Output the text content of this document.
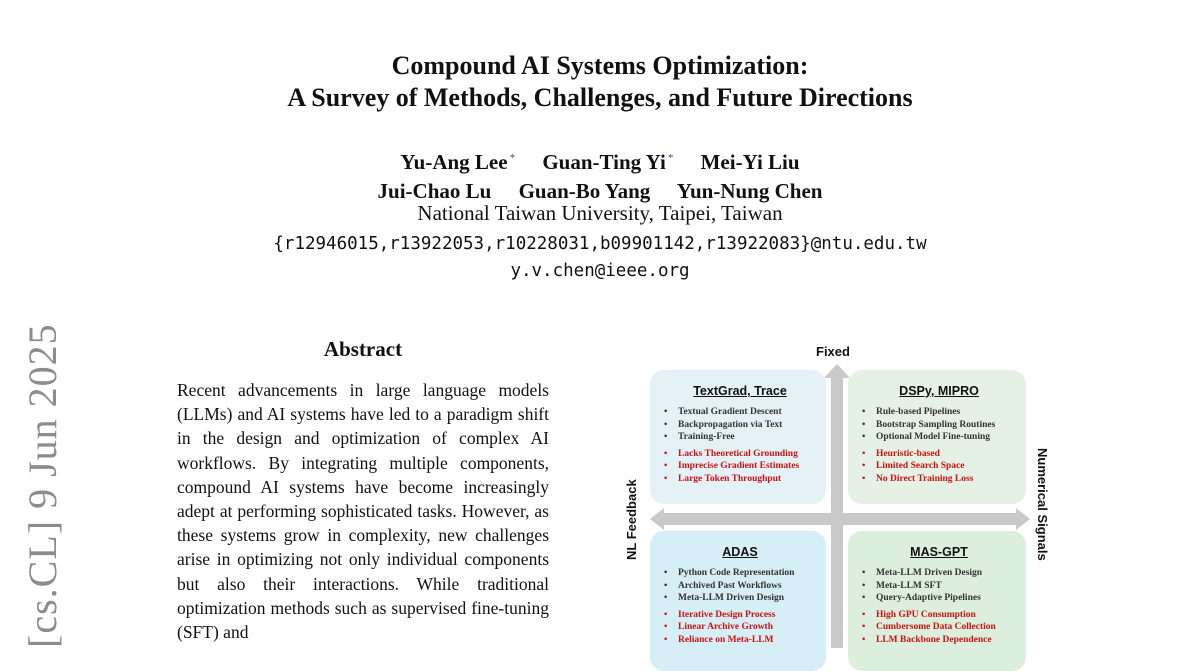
Compound AI Systems Optimization:
A Survey of Methods, Challenges, and Future Directions
Yu-Ang Lee * Guan-Ting Yi * Mei-Yi Liu
Jui-Chao Lu Guan-Bo Yang Yun-Nung Chen
National Taiwan University, Taipei, Taiwan
{r12946015,r13922053,r10228031,b09901142,r13922083}@ntu.edu.tw
y.v.chen@ieee.org
[cs.CL] 9 Jun 2025	Abstract

Recent advancements in large language models (LLMs) and AI systems have led to a paradigm shift in the design and optimization of complex AI workflows. By integrating multiple components, compound AI systems have become increasingly adept at performing sophisticated tasks. However, as these systems grow in complexity, new challenges arise in optimizing not only individual components but also their interactions. While traditional optimization methods such as supervised fine-tuning (SFT) and

Fixed
NL Feedback	Numerical Signals
TextGrad, Trace
• Textual Gradient Descent
• Backpropagation via Text
• Training-Free
• Lacks Theoretical Grounding
• Imprecise Gradient Estimates
• Large Token Throughput
DSPy, MIPRO
• Rule-based Pipelines
• Bootstrap Sampling Routines
• Optional Model Fine-tuning
• Heuristic-based
• Limited Search Space
• No Direct Training Loss
ADAS
• Python Code Representation
• Archived Past Workflows
• Meta-LLM Driven Design
• Iterative Design Process
• Linear Archive Growth
• Reliance on Meta-LLM
MAS-GPT
• Meta-LLM Driven Design
• Meta-LLM SFT
• Query-Adaptive Pipelines
• High GPU Consumption
• Cumbersome Data Collection
• LLM Backbone Dependence
